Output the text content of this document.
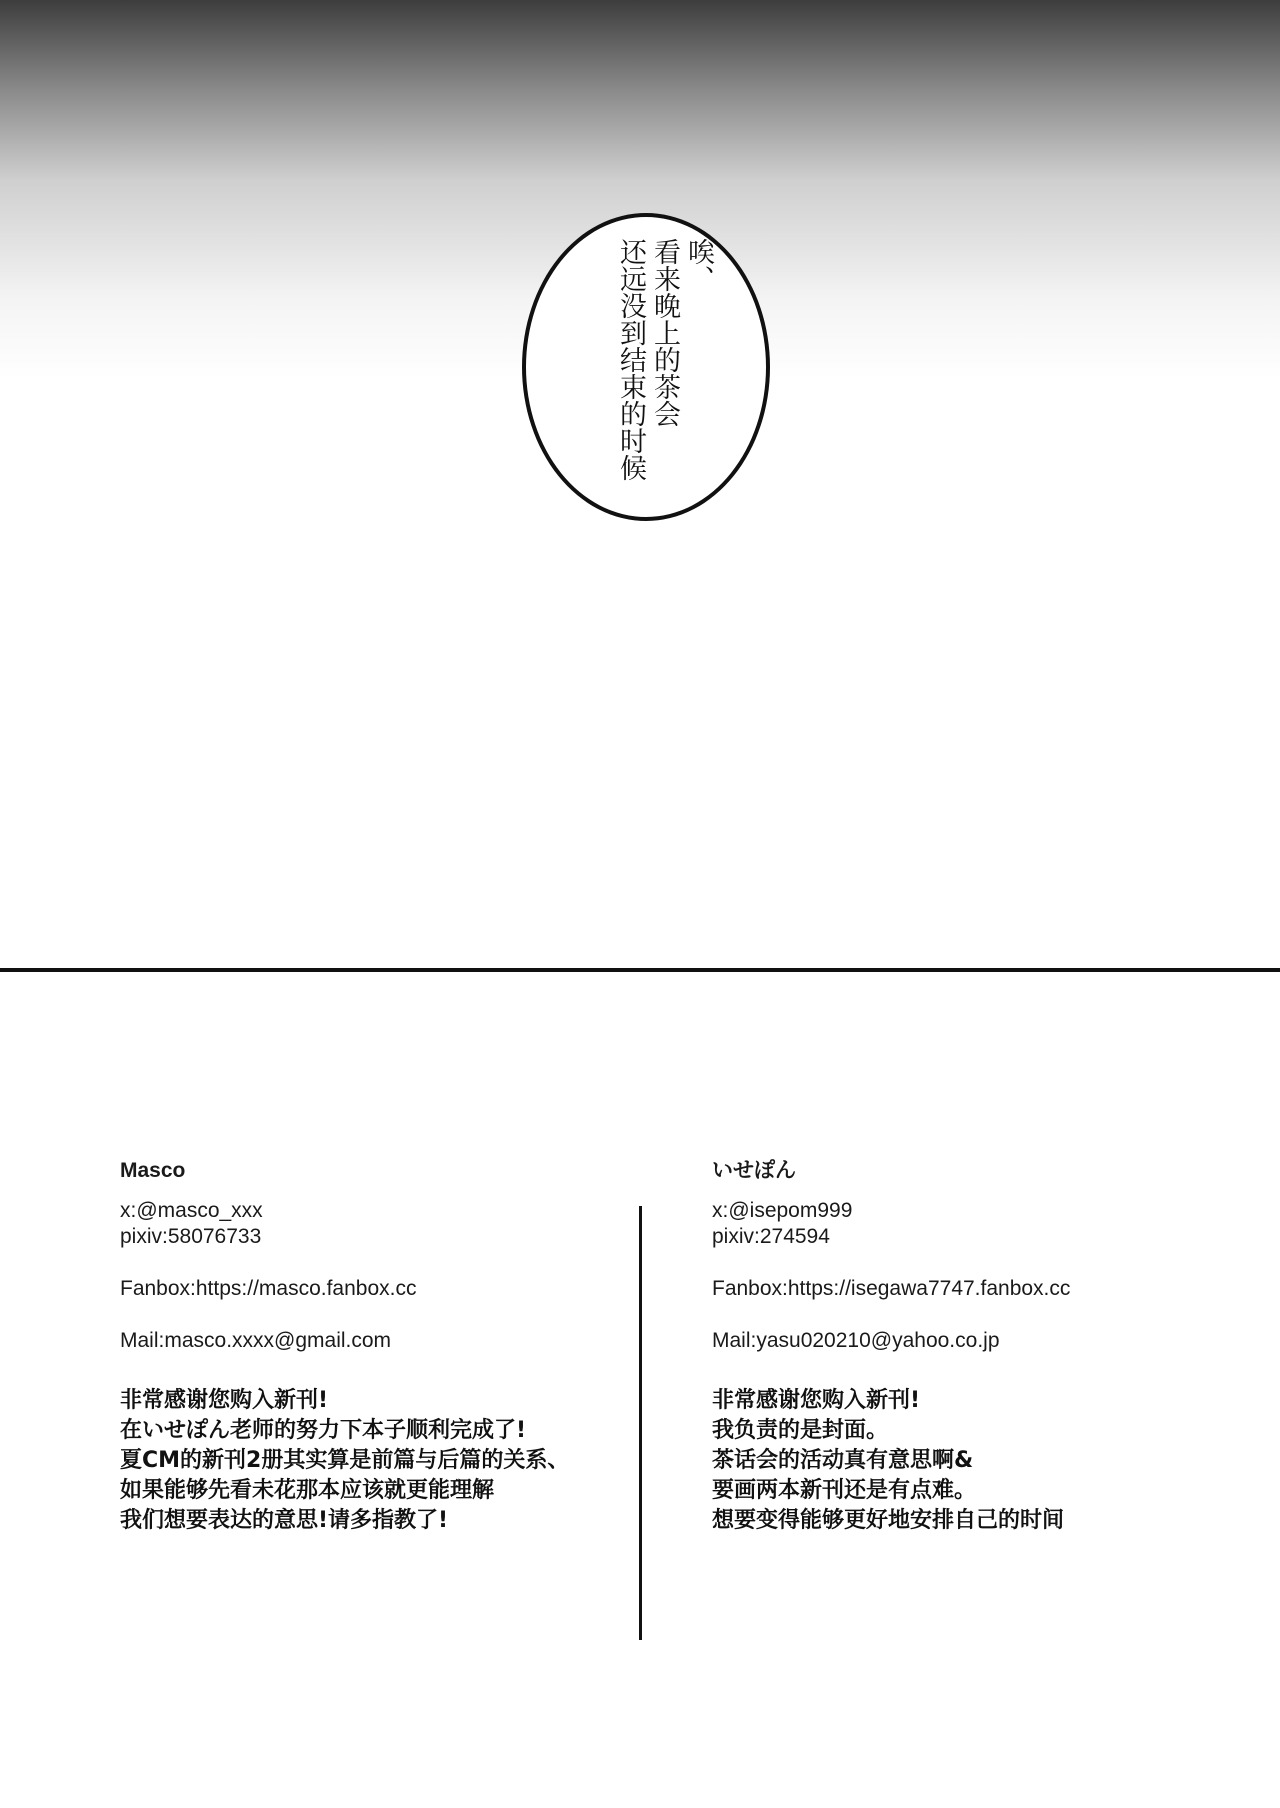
唉、
看来晚上的茶会
还远没到结束的时候

Masco

x:@masco_xxx

pixiv:58076733

Fanbox:https://masco.fanbox.cc

Mail:masco.xxxx@gmail.com

非常感谢您购入新刊!

在いせぽん老师的努力下本子顺利完成了!

夏CM的新刊2册其实算是前篇与后篇的关系、

如果能够先看未花那本应该就更能理解

我们想要表达的意思!请多指教了!

いせぽん

x:@isepom999

pixiv:274594

Fanbox:https://isegawa7747.fanbox.cc

Mail:yasu020210@yahoo.co.jp

非常感谢您购入新刊!

我负责的是封面。

茶话会的活动真有意思啊&

要画两本新刊还是有点难。

想要变得能够更好地安排自己的时间
